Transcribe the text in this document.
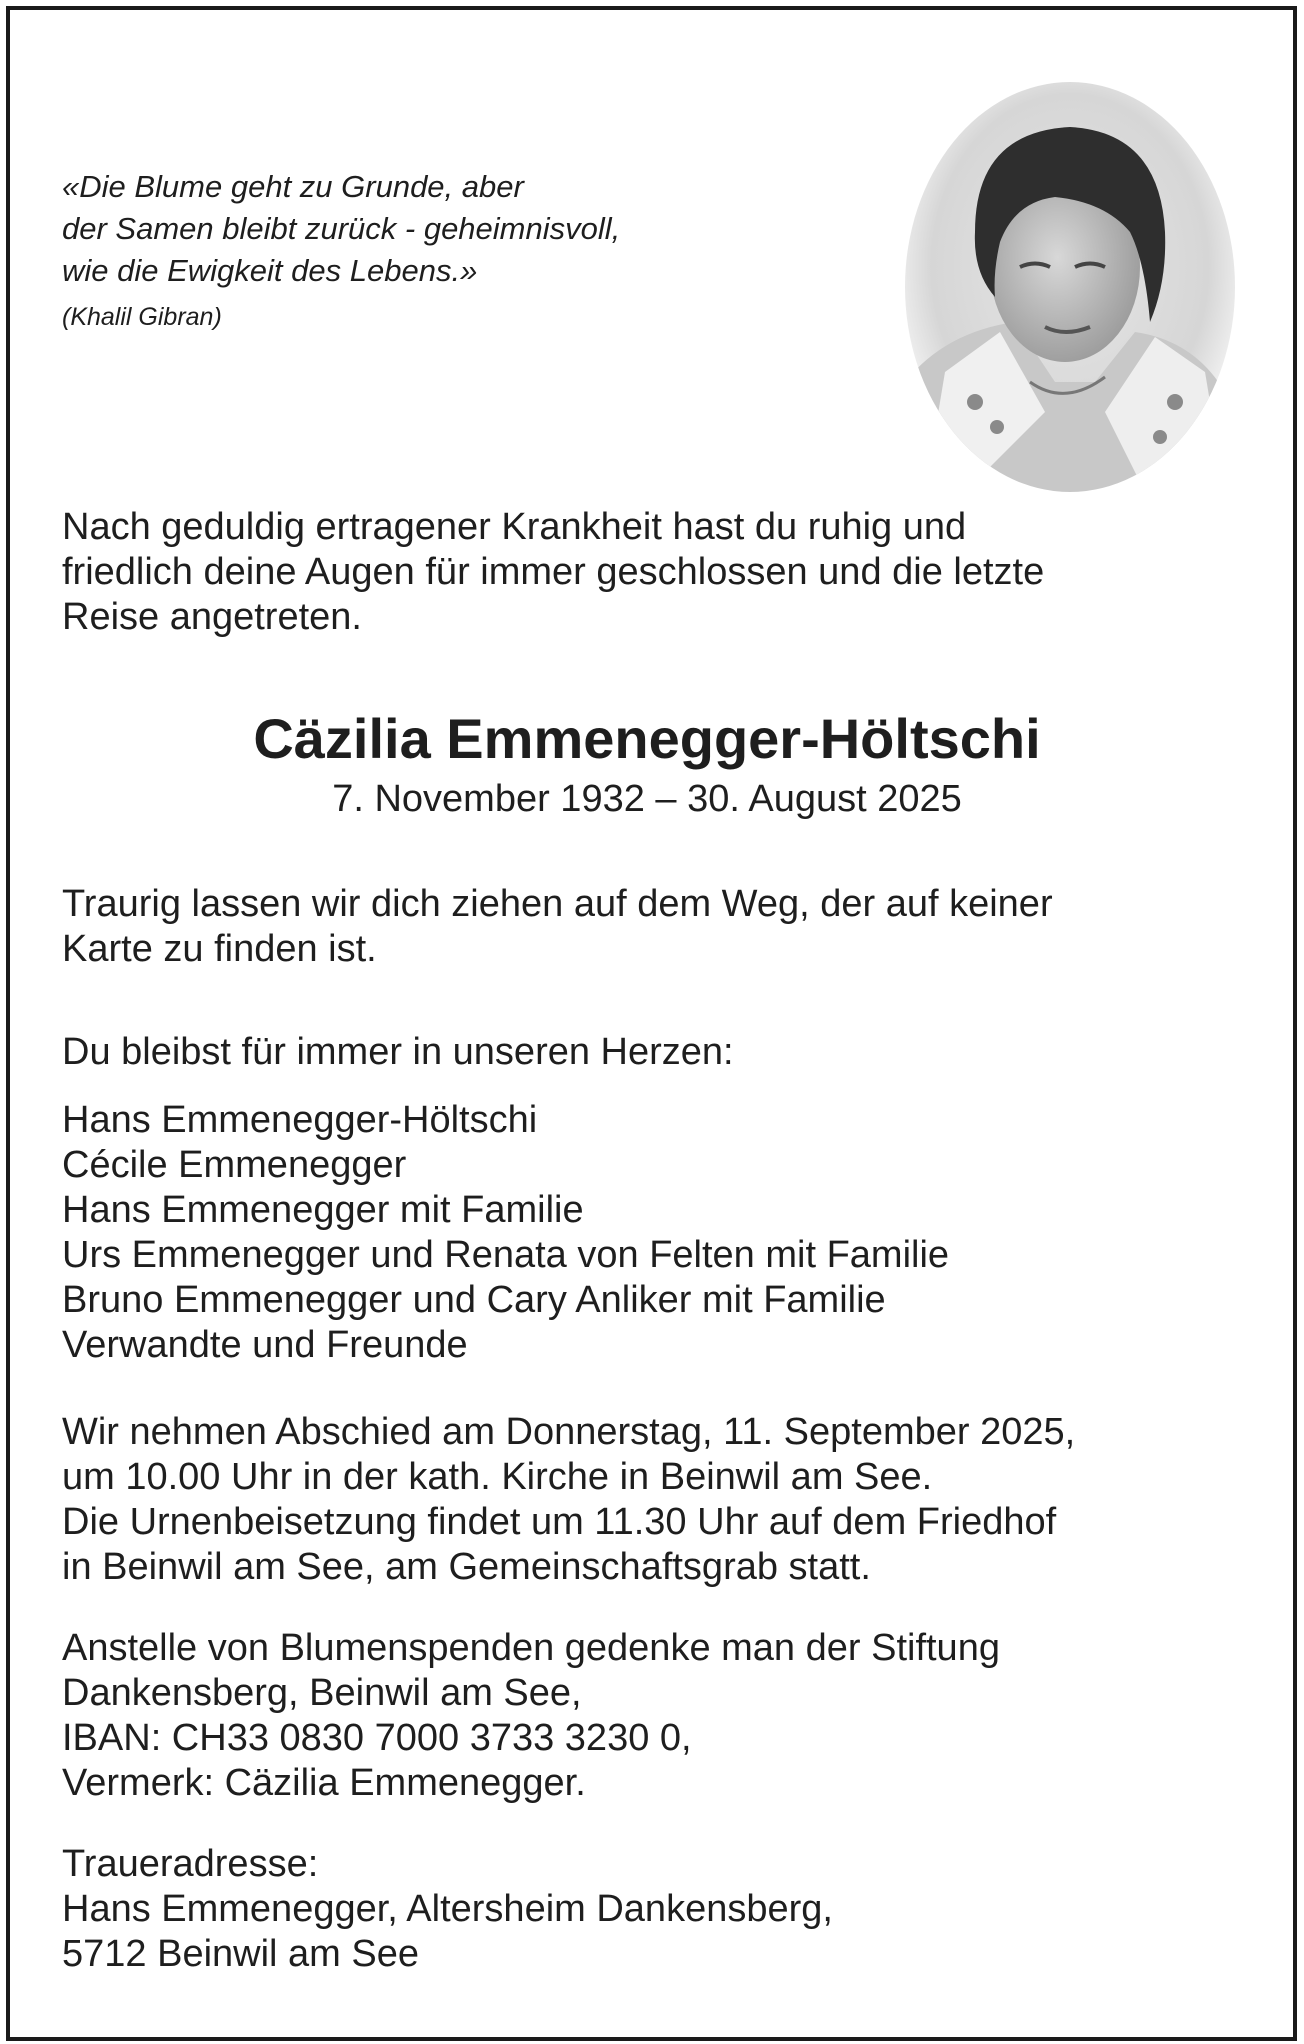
«Die Blume geht zu Grunde, aber
der Samen bleibt zurück - geheimnisvoll,
wie die Ewigkeit des Lebens.»
(Khalil Gibran)
Nach geduldig ertragener Krankheit hast du ruhig und
friedlich deine Augen für immer geschlossen und die letzte
Reise angetreten.
Cäzilia Emmenegger-Höltschi
7. November 1932 – 30. August 2025
Traurig lassen wir dich ziehen auf dem Weg, der auf keiner
Karte zu finden ist.
Du bleibst für immer in unseren Herzen:
Hans Emmenegger-Höltschi
Cécile Emmenegger
Hans Emmenegger mit Familie
Urs Emmenegger und Renata von Felten mit Familie
Bruno Emmenegger und Cary Anliker mit Familie
Verwandte und Freunde
Wir nehmen Abschied am Donnerstag, 11. September 2025,
um 10.00 Uhr in der kath. Kirche in Beinwil am See.
Die Urnenbeisetzung findet um 11.30 Uhr auf dem Friedhof
in Beinwil am See, am Gemeinschaftsgrab statt.
Anstelle von Blumenspenden gedenke man der Stiftung
Dankensberg, Beinwil am See,
IBAN: CH33 0830 7000 3733 3230 0,
Vermerk: Cäzilia Emmenegger.
Traueradresse:
Hans Emmenegger, Altersheim Dankensberg,
5712 Beinwil am See
